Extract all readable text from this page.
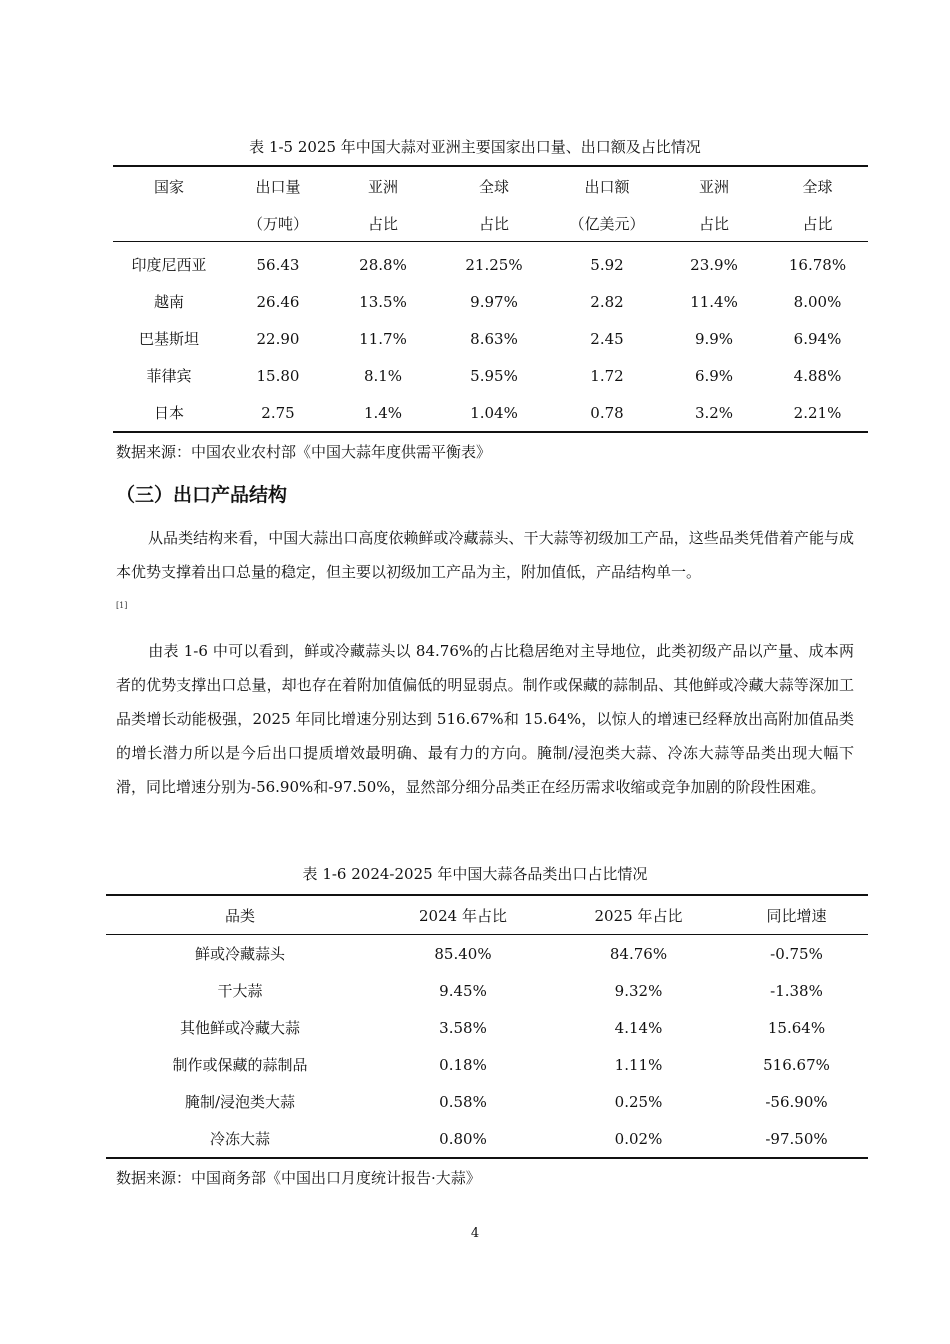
表 1-5 2025 年中国大蒜对亚洲主要国家出口量、出口额及占比情况
国家	出口量	亚洲	全球	出口额	亚洲	全球
	（万吨）	占比	占比	（亿美元）	占比	占比
印度尼西亚	56.43	28.8%	21.25%	5.92	23.9%	16.78%
越南	26.46	13.5%	9.97%	2.82	11.4%	8.00%
巴基斯坦	22.90	11.7%	8.63%	2.45	9.9%	6.94%
菲律宾	15.80	8.1%	5.95%	1.72	6.9%	4.88%
日本	2.75	1.4%	1.04%	0.78	3.2%	2.21%
数据来源：中国农业农村部《中国大蒜年度供需平衡表》
（三）出口产品结构
从品类结构来看，中国大蒜出口高度依赖鲜或冷藏蒜头、干大蒜等初级加工产品，这些品类凭借着产能与成本优势支撑着出口总量的稳定，但主要以初级加工产品为主，附加值低，产品结构单一。
[1]
由表 1-6 中可以看到，鲜或冷藏蒜头以 84.76%的占比稳居绝对主导地位，此类初级产品以产量、成本两者的优势支撑出口总量，却也存在着附加值偏低的明显弱点。制作或保藏的蒜制品、其他鲜或冷藏大蒜等深加工品类增长动能极强，2025 年同比增速分别达到 516.67%和 15.64%，以惊人的增速已经释放出高附加值品类的增长潜力所以是今后出口提质增效最明确、最有力的方向。腌制/浸泡类大蒜、冷冻大蒜等品类出现大幅下滑，同比增速分别为-56.90%和-97.50%，显然部分细分品类正在经历需求收缩或竞争加剧的阶段性困难。
表 1-6 2024-2025 年中国大蒜各品类出口占比情况
品类	2024 年占比	2025 年占比	同比增速
鲜或冷藏蒜头	85.40%	84.76%	-0.75%
干大蒜	9.45%	9.32%	-1.38%
其他鲜或冷藏大蒜	3.58%	4.14%	15.64%
制作或保藏的蒜制品	0.18%	1.11%	516.67%
腌制/浸泡类大蒜	0.58%	0.25%	-56.90%
冷冻大蒜	0.80%	0.02%	-97.50%
数据来源：中国商务部《中国出口月度统计报告·大蒜》
4
